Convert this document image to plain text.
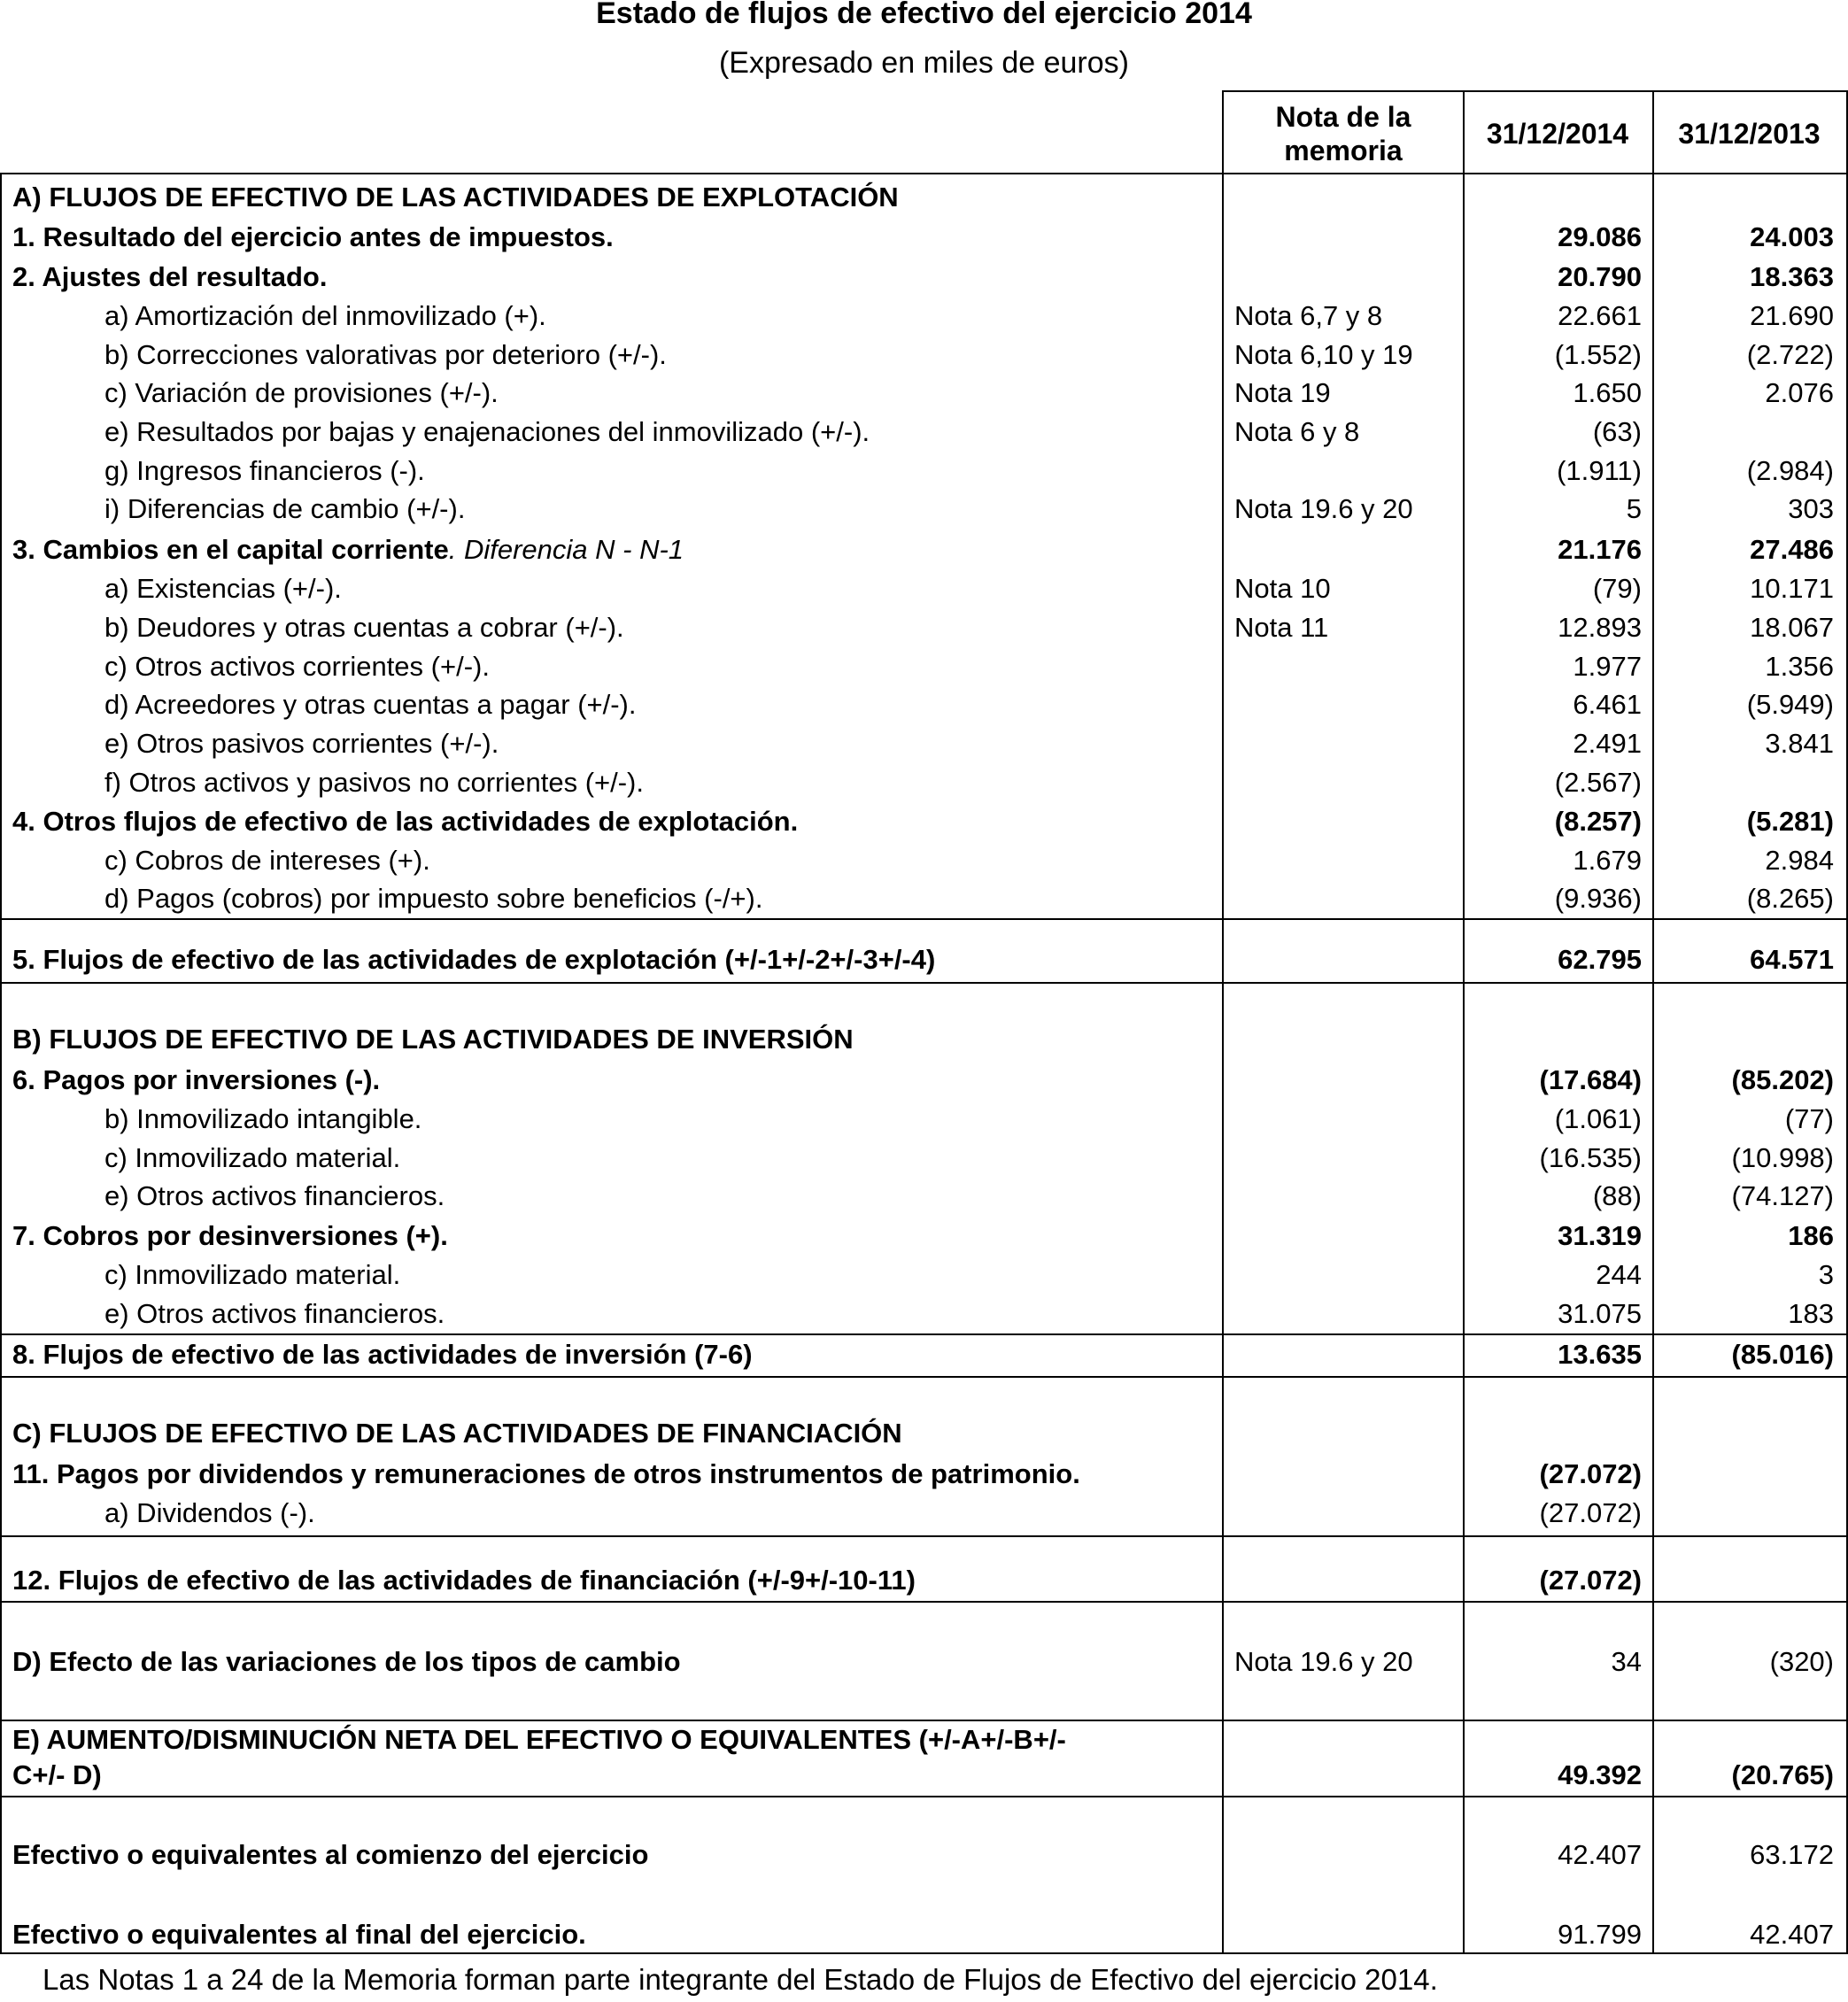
Estado de flujos de efectivo del ejercicio 2014
(Expresado en miles de euros)
Nota de la memoria
31/12/2014	31/12/2013
A) FLUJOS DE EFECTIVO DE LAS ACTIVIDADES DE EXPLOTACIÓN
1. Resultado del ejercicio antes de impuestos.	29.086	24.003
2. Ajustes del resultado.	20.790	18.363
a) Amortización del inmovilizado (+).	Nota 6,7 y 8	22.661	21.690
b) Correcciones valorativas por deterioro (+/-).	Nota 6,10 y 19	(1.552)	(2.722)
c) Variación de provisiones (+/-).	Nota 19	1.650	2.076
e) Resultados por bajas y enajenaciones del inmovilizado (+/-).	Nota 6 y 8	(63)
g) Ingresos financieros (-).	(1.911)	(2.984)
i) Diferencias de cambio (+/-).	Nota 19.6 y 20	5	303
3. Cambios en el capital corriente. Diferencia N - N-1	21.176	27.486
a) Existencias (+/-).	Nota 10	(79)	10.171
b) Deudores y otras cuentas a cobrar (+/-).	Nota 11	12.893	18.067
c) Otros activos corrientes (+/-).	1.977	1.356
d) Acreedores y otras cuentas a pagar (+/-).	6.461	(5.949)
e) Otros pasivos corrientes (+/-).	2.491	3.841
f) Otros activos y pasivos no corrientes (+/-).	(2.567)
4. Otros flujos de efectivo de las actividades de explotación.	(8.257)	(5.281)
c) Cobros de intereses (+).	1.679	2.984
d) Pagos (cobros) por impuesto sobre beneficios (-/+).	(9.936)	(8.265)
5. Flujos de efectivo de las actividades de explotación (+/-1+/-2+/-3+/-4)	62.795	64.571
B) FLUJOS DE EFECTIVO DE LAS ACTIVIDADES DE INVERSIÓN
6. Pagos por inversiones (-).	(17.684)	(85.202)
b) Inmovilizado intangible.	(1.061)	(77)
c) Inmovilizado material.	(16.535)	(10.998)
e) Otros activos financieros.	(88)	(74.127)
7. Cobros por desinversiones (+).	31.319	186
c) Inmovilizado material.	244	3
e) Otros activos financieros.	31.075	183
8. Flujos de efectivo de las actividades de inversión (7-6)	13.635	(85.016)
C) FLUJOS DE EFECTIVO DE LAS ACTIVIDADES DE FINANCIACIÓN
11. Pagos por dividendos y remuneraciones de otros instrumentos de patrimonio.	(27.072)
a) Dividendos (-).	(27.072)
12. Flujos de efectivo de las actividades de financiación (+/-9+/-10-11)	(27.072)
D) Efecto de las variaciones de los tipos de cambio	Nota 19.6 y 20	34	(320)
E) AUMENTO/DISMINUCIÓN NETA DEL EFECTIVO O EQUIVALENTES (+/-A+/-B+/-
C+/- D)	49.392	(20.765)
Efectivo o equivalentes al comienzo del ejercicio	42.407	63.172
Efectivo o equivalentes al final del ejercicio.	91.799	42.407
Las Notas 1 a 24 de la Memoria forman parte integrante del Estado de Flujos de Efectivo del ejercicio 2014.
